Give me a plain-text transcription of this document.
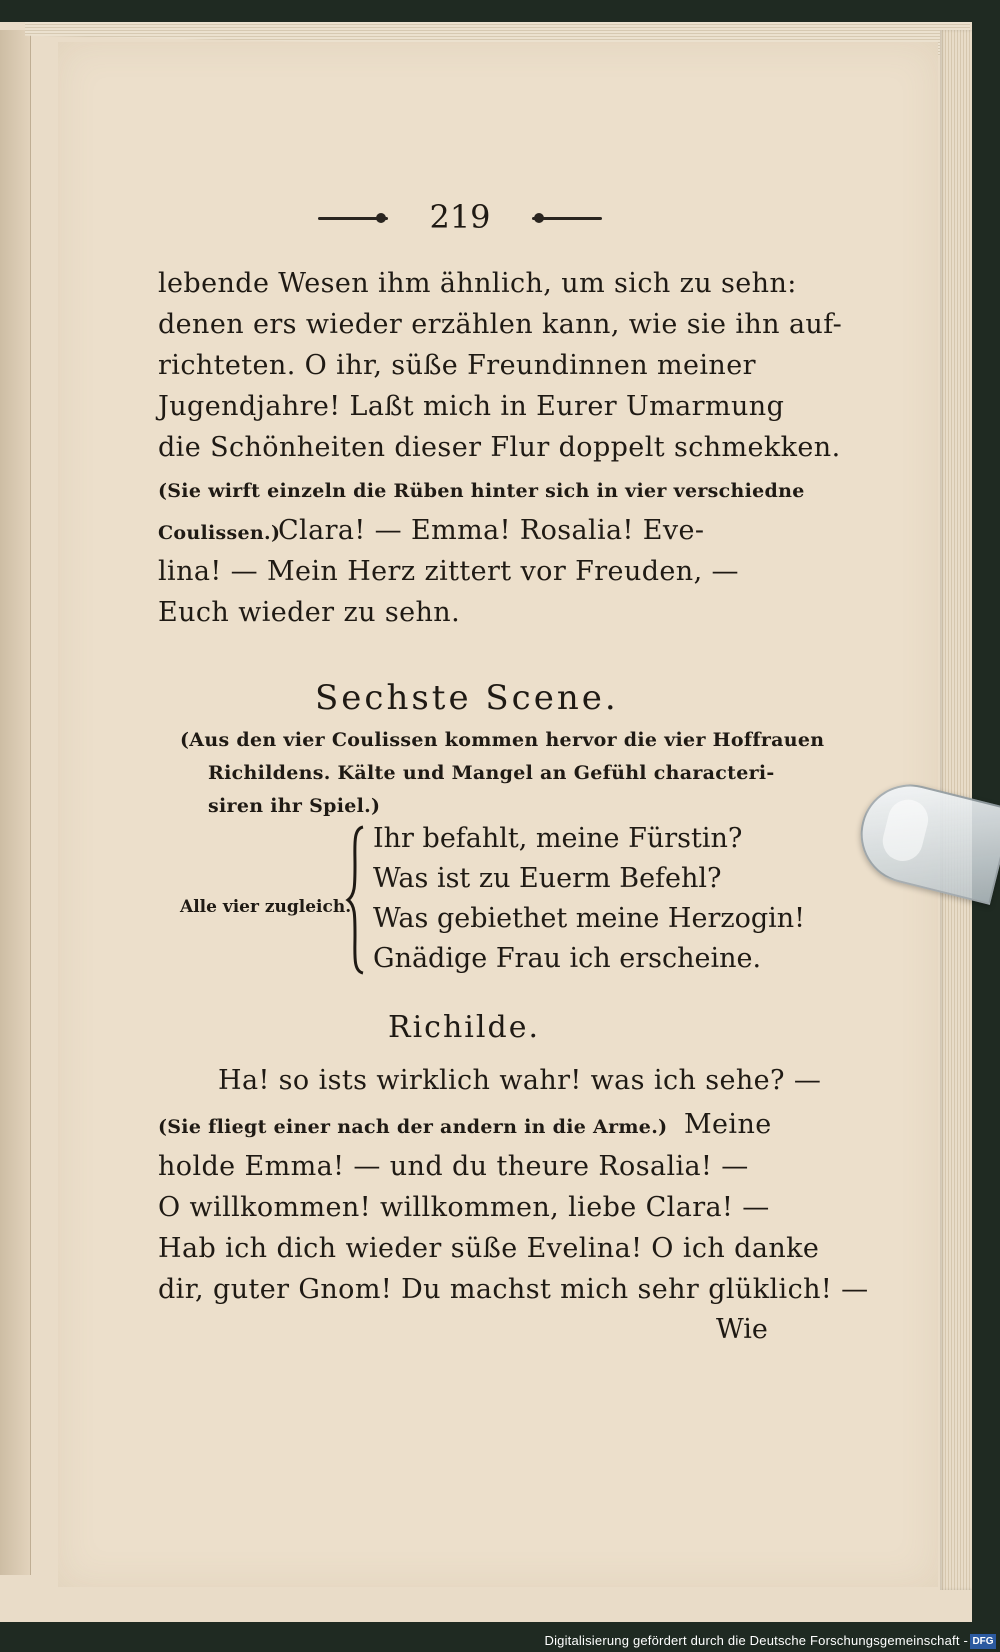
219
lebende Wesen ihm ähnlich, um sich zu sehn:
denen ers wieder erzählen kann, wie sie ihn auf-
richteten. O ihr, süße Freundinnen meiner
Jugendjahre! Laßt mich in Eurer Umarmung
die Schönheiten dieser Flur doppelt schmekken.
(Sie wirft einzeln die Rüben hinter sich in vier verschiedne
Coulissen.)
Clara! — Emma! Rosalia! Eve-
lina! — Mein Herz zittert vor Freuden, —
Euch wieder zu sehn.
Sechste Scene.
(Aus den vier Coulissen kommen hervor die vier Hoffrauen
Richildens. Kälte und Mangel an Gefühl characteri-
siren ihr Spiel.)
Alle vier zugleich.
Ihr befahlt, meine Fürstin?
Was ist zu Euerm Befehl?
Was gebiethet meine Herzogin!
Gnädige Frau ich erscheine.
Richilde.
Ha! so ists wirklich wahr! was ich sehe? —
(Sie fliegt einer nach der andern in die Arme.) Meine
holde Emma! — und du theure Rosalia! —
O willkommen! willkommen, liebe Clara! —
Hab ich dich wieder süße Evelina! O ich danke
dir, guter Gnom! Du machst mich sehr glüklich! —
Wie
Digitalisierung gefördert durch die Deutsche Forschungsgemeinschaft - DFG
